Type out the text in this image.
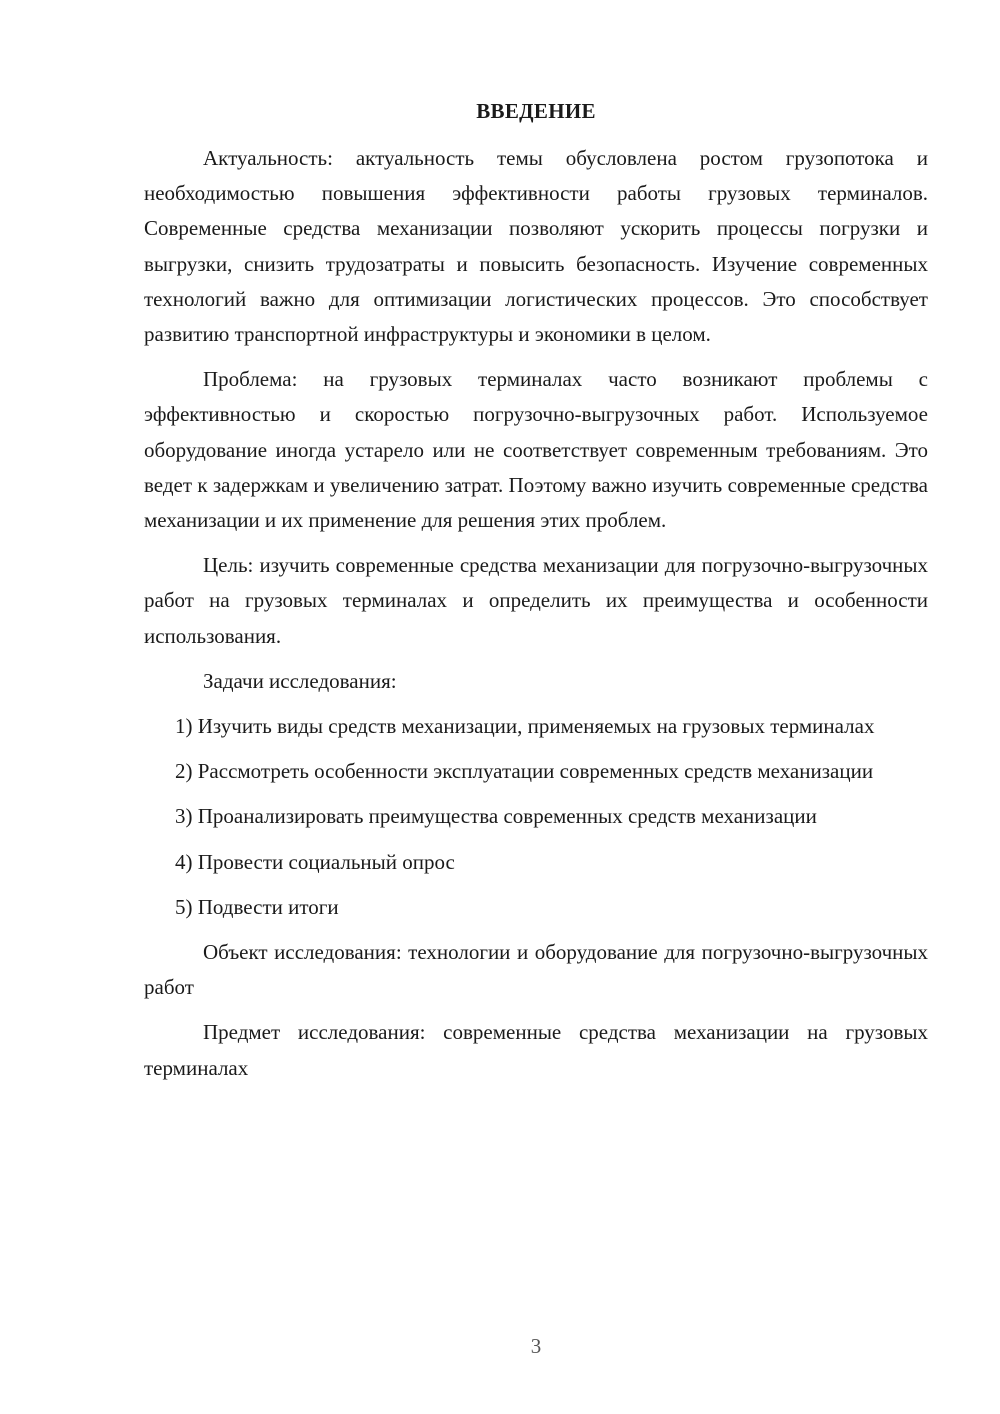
ВВЕДЕНИЕ

Актуальность: актуальность темы обусловлена ростом грузопотока и необходимостью повышения эффективности работы грузовых терминалов. Современные средства механизации позволяют ускорить процессы погрузки и выгрузки, снизить трудозатраты и повысить безопасность. Изучение современных технологий важно для оптимизации логистических процессов. Это способствует развитию транспортной инфраструктуры и экономики в целом.

Проблема: на грузовых терминалах часто возникают проблемы с эффективностью и скоростью погрузочно-выгрузочных работ. Используемое оборудование иногда устарело или не соответствует современным требованиям. Это ведет к задержкам и увеличению затрат. Поэтому важно изучить современные средства механизации и их применение для решения этих проблем.

Цель: изучить современные средства механизации для погрузочно-выгрузочных работ на грузовых терминалах и определить их преимущества и особенности использования.

Задачи исследования:

1) Изучить виды средств механизации, применяемых на грузовых терминалах

2) Рассмотреть особенности эксплуатации современных средств механизации

3) Проанализировать преимущества современных средств механизации

4) Провести социальный опрос

5) Подвести итоги

Объект исследования: технологии и оборудование для погрузочно-выгрузочных работ

Предмет исследования: современные средства механизации на грузовых терминалах

3
